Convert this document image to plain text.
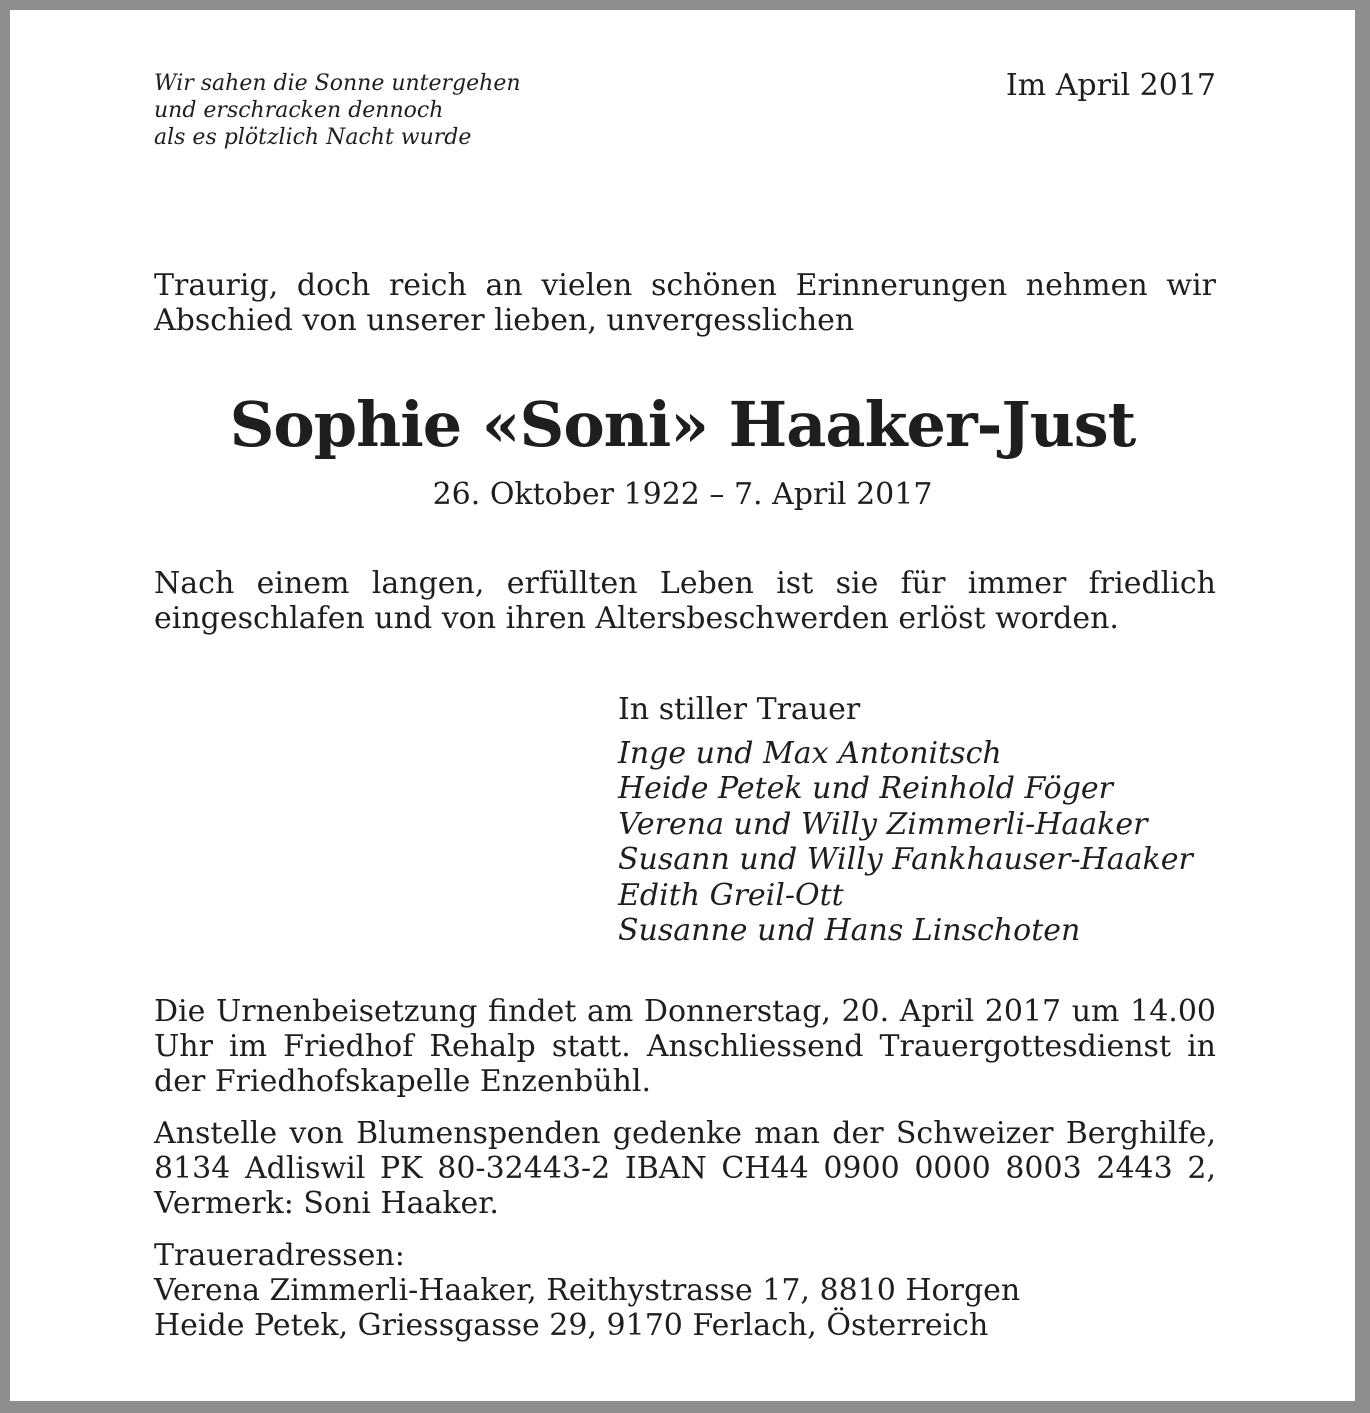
Wir sahen die Sonne untergehen
und erschracken dennoch
als es plötzlich Nacht wurde
Im April 2017
Traurig, doch reich an vielen schönen Erinnerungen nehmen wir Abschied von unserer lieben, unvergesslichen
Sophie «Soni» Haaker-Just
26. Oktober 1922 – 7. April 2017
Nach einem langen, erfüllten Leben ist sie für immer friedlich eingeschlafen und von ihren Altersbeschwerden erlöst worden.
In stiller Trauer
Inge und Max Antonitsch
Heide Petek und Reinhold Föger
Verena und Willy Zimmerli-Haaker
Susann und Willy Fankhauser-Haaker
Edith Greil-Ott
Susanne und Hans Linschoten
Die Urnenbeisetzung findet am Donnerstag, 20. April 2017 um 14.00 Uhr im Friedhof Rehalp statt. Anschliessend Trauergottesdienst in der Friedhofskapelle Enzenbühl.
Anstelle von Blumenspenden gedenke man der Schweizer Berghilfe, 8134 Adliswil PK 80-32443-2 IBAN CH44 0900 0000 8003 2443 2, Vermerk: Soni Haaker.
Traueradressen:
Verena Zimmerli-Haaker, Reithystrasse 17, 8810 Horgen
Heide Petek, Griessgasse 29, 9170 Ferlach, Österreich
